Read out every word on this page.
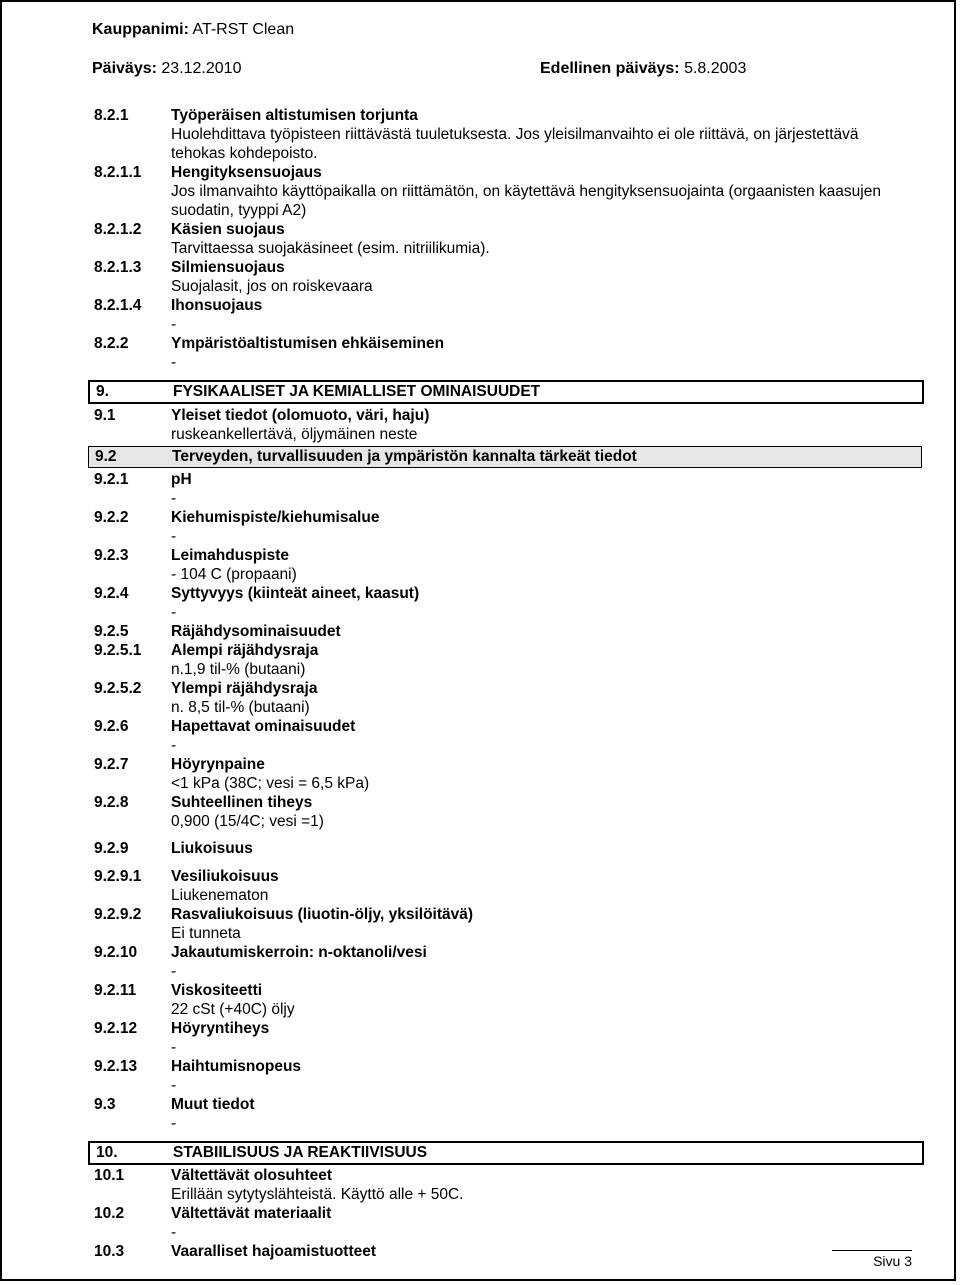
Kauppanimi: AT-RST Clean
Päiväys: 23.12.2010	Edellinen päiväys: 5.8.2003
8.2.1	Työperäisen altistumisen torjunta
Huolehdittava työpisteen riittävästä tuuletuksesta. Jos yleisilmanvaihto ei ole riittävä, on järjestettävä tehokas kohdepoisto.
8.2.1.1 Hengityksensuojaus
Jos ilmanvaihto käyttöpaikalla on riittämätön, on käytettävä hengityksensuojainta (orgaanisten kaasujen suodatin, tyyppi A2)
8.2.1.2 Käsien suojaus
Tarvittaessa suojakäsineet (esim. nitriilikumia).
8.2.1.3 Silmiensuojaus
Suojalasit, jos on roiskevaara
8.2.1.4 Ihonsuojaus
-
8.2.2	Ympäristöaltistumisen ehkäiseminen
-
9.	FYSIKAALISET JA KEMIALLISET OMINAISUUDET
9.1	Yleiset tiedot (olomuoto, väri, haju)
ruskeankellertävä, öljymäinen neste
9.2	Terveyden, turvallisuuden ja ympäristön kannalta tärkeät tiedot
9.2.1	pH
-
9.2.2	Kiehumispiste/kiehumisalue
-
9.2.3	Leimahduspiste
- 104 C (propaani)
9.2.4	Syttyvyys (kiinteät aineet, kaasut)
-
9.2.5	Räjähdysominaisuudet
9.2.5.1 Alempi räjähdysraja
n.1,9 til-% (butaani)
9.2.5.2 Ylempi räjähdysraja
n. 8,5 til-% (butaani)
9.2.6	Hapettavat ominaisuudet
-
9.2.7	Höyrynpaine
<1 kPa (38C; vesi = 6,5 kPa)
9.2.8	Suhteellinen tiheys
0,900 (15/4C; vesi =1)
9.2.9	Liukoisuus
9.2.9.1 Vesiliukoisuus
Liukenematon
9.2.9.2 Rasvaliukoisuus (liuotin-öljy, yksilöitävä)
Ei tunneta
9.2.10 Jakautumiskerroin: n-oktanoli/vesi
-
9.2.11 Viskositeetti
22 cSt (+40C) öljy
9.2.12 Höyryntiheys
-
9.2.13 Haihtumisnopeus
-
9.3	Muut tiedot
-
10.	STABIILISUUS JA REAKTIIVISUUS
10.1	Vältettävät olosuhteet
Erillään sytytyslähteistä. Käyttö alle + 50C.
10.2	Vältettävät materiaalit
-
10.3	Vaaralliset hajoamistuotteet
Sivu 3
